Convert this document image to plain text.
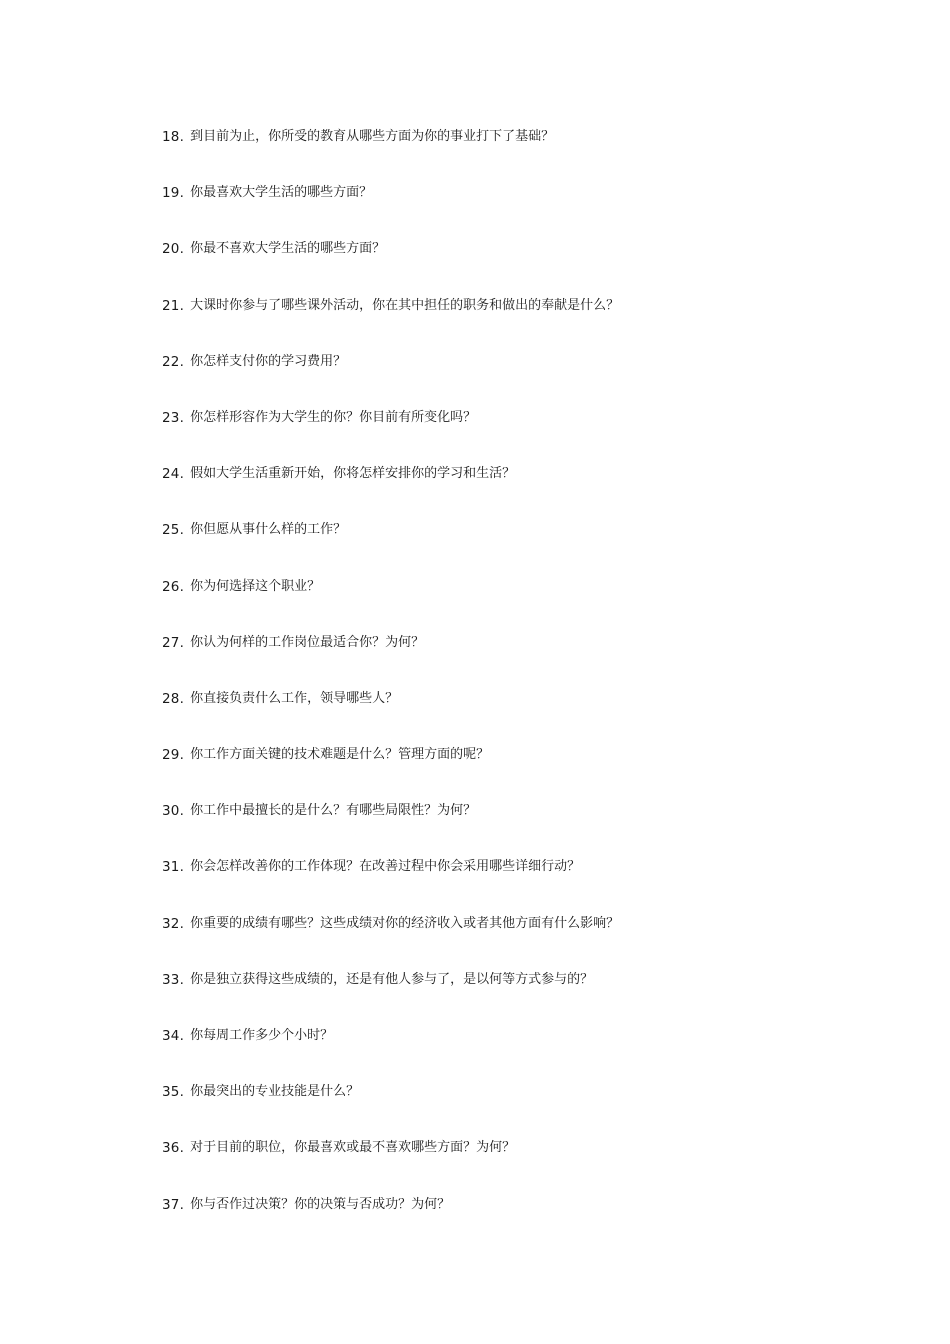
18. 到目前为止，你所受的教育从哪些方面为你的事业打下了基础？
19. 你最喜欢大学生活的哪些方面？
20. 你最不喜欢大学生活的哪些方面？
21. 大课时你参与了哪些课外活动，你在其中担任的职务和做出的奉献是什么？
22. 你怎样支付你的学习费用？
23. 你怎样形容作为大学生的你？你目前有所变化吗？
24. 假如大学生活重新开始，你将怎样安排你的学习和生活？
25. 你但愿从事什么样的工作？
26. 你为何选择这个职业？
27. 你认为何样的工作岗位最适合你？为何？
28. 你直接负责什么工作，领导哪些人？
29. 你工作方面关键的技术难题是什么？管理方面的呢？
30. 你工作中最擅长的是什么？有哪些局限性？为何？
31. 你会怎样改善你的工作体现？在改善过程中你会采用哪些详细行动？
32. 你重要的成绩有哪些？这些成绩对你的经济收入或者其他方面有什么影响？
33. 你是独立获得这些成绩的，还是有他人参与了，是以何等方式参与的？
34. 你每周工作多少个小时？
35. 你最突出的专业技能是什么？
36. 对于目前的职位，你最喜欢或最不喜欢哪些方面？为何？
37. 你与否作过决策？你的决策与否成功？为何？
